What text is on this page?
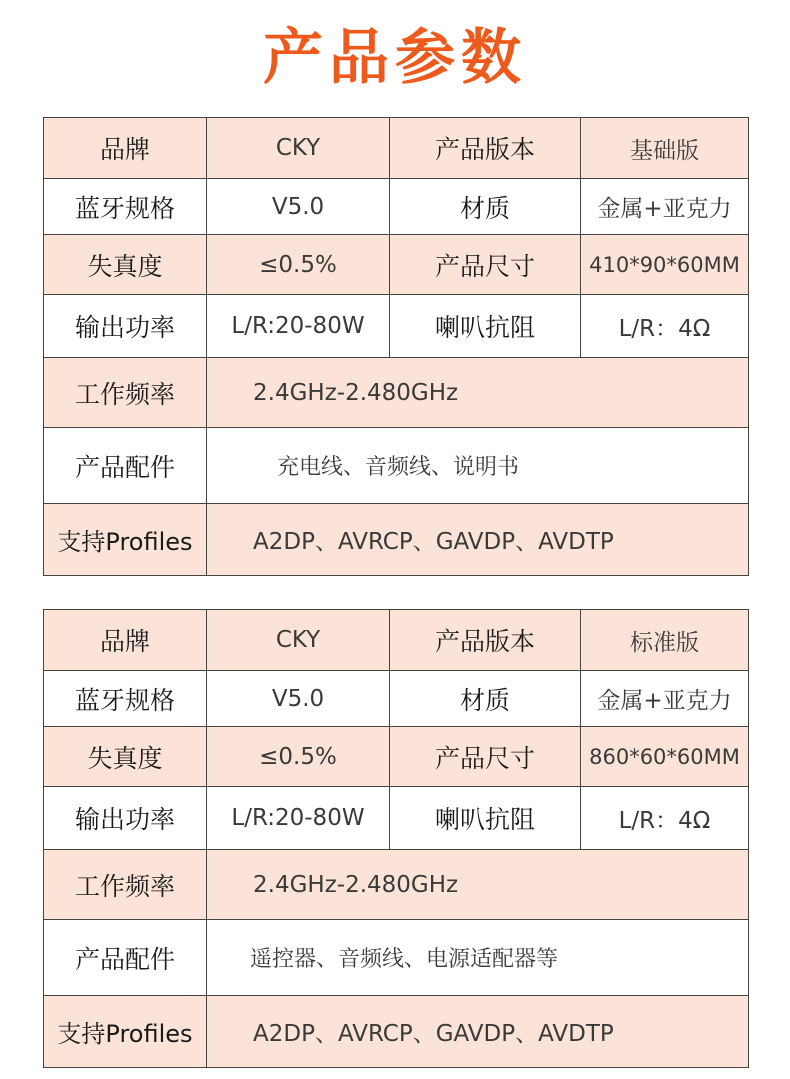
产品参数
品牌	CKY	产品版本	基础版
蓝牙规格	V5.0	材质	金属+亚克力
失真度	≤0.5%	产品尺寸	410*90*60MM
输出功率	L/R:20-80W	喇叭抗阻	L/R：4Ω
工作频率	2.4GHz-2.480GHz		
产品配件	充电线、音频线、说明书		
支持Profiles	A2DP、AVRCP、GAVDP、AVDTP		
品牌	CKY	产品版本	标准版
蓝牙规格	V5.0	材质	金属+亚克力
失真度	≤0.5%	产品尺寸	860*60*60MM
输出功率	L/R:20-80W	喇叭抗阻	L/R：4Ω
工作频率	2.4GHz-2.480GHz		
产品配件	遥控器、音频线、电源适配器等		
支持Profiles	A2DP、AVRCP、GAVDP、AVDTP		
